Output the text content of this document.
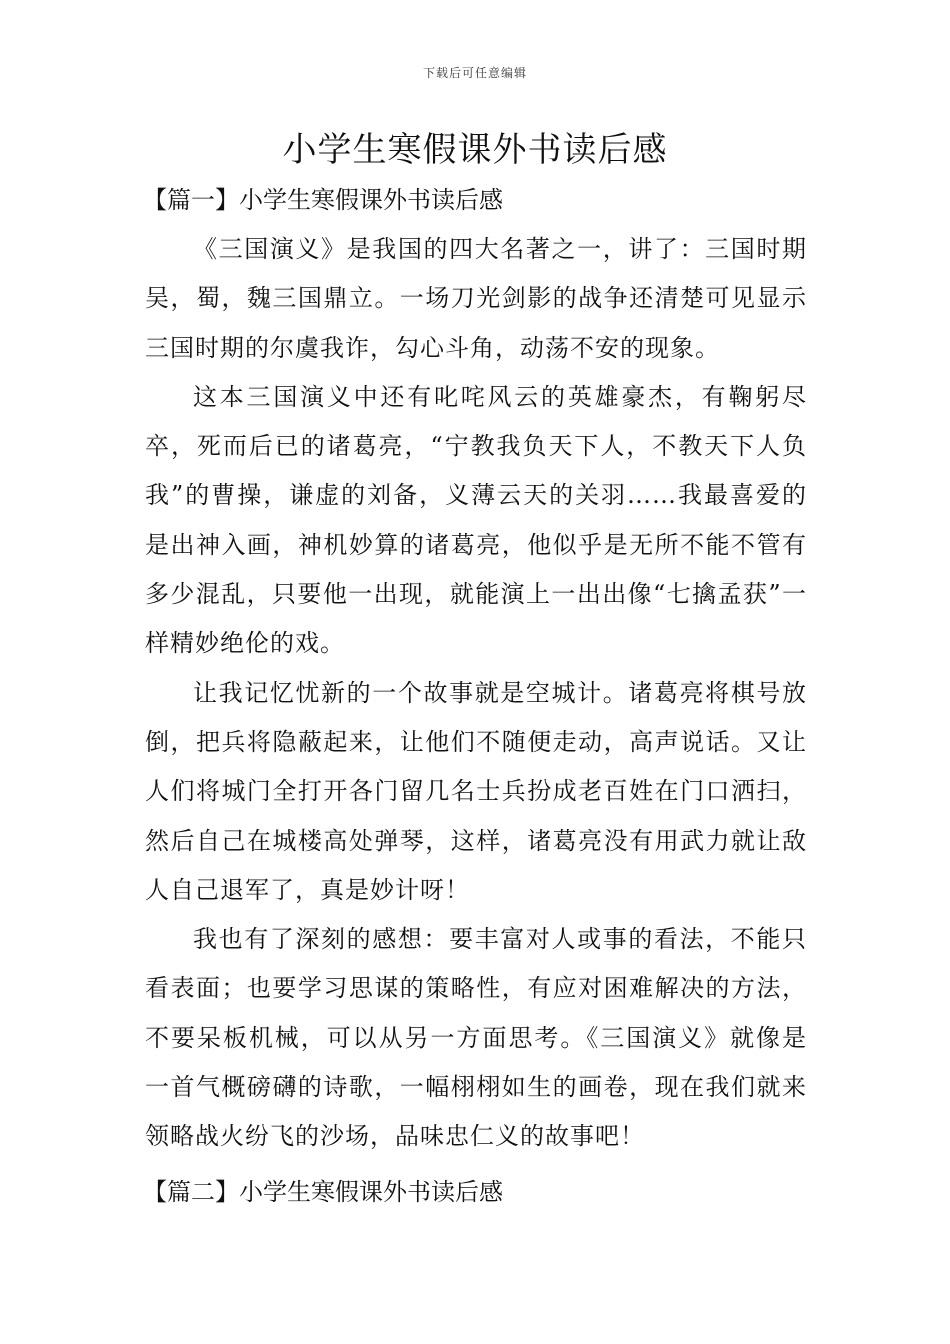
下载后可任意编辑
小学生寒假课外书读后感
【篇一】小学生寒假课外书读后感

《三国演义》是我国的四大名著之一，讲了：三国时期吴，蜀，魏三国鼎立。一场刀光剑影的战争还清楚可见显示三国时期的尔虞我诈，勾心斗角，动荡不安的现象。

这本三国演义中还有叱咤风云的英雄豪杰，有鞠躬尽卒，死而后已的诸葛亮，“宁教我负天下人，不教天下人负我”的曹操，谦虚的刘备，义薄云天的关羽……我最喜爱的是出神入画，神机妙算的诸葛亮，他似乎是无所不能不管有多少混乱，只要他一出现，就能演上一出出像“七擒孟获”一样精妙绝伦的戏。

让我记忆忧新的一个故事就是空城计。诸葛亮将棋号放倒，把兵将隐蔽起来，让他们不随便走动，高声说话。又让人们将城门全打开各门留几名士兵扮成老百姓在门口洒扫，然后自己在城楼高处弹琴，这样，诸葛亮没有用武力就让敌人自己退军了，真是妙计呀！

我也有了深刻的感想：要丰富对人或事的看法，不能只看表面；也要学习思谋的策略性，有应对困难解决的方法，不要呆板机械，可以从另一方面思考。《三国演义》就像是一首气概磅礴的诗歌，一幅栩栩如生的画卷，现在我们就来领略战火纷飞的沙场，品味忠仁义的故事吧！

【篇二】小学生寒假课外书读后感
